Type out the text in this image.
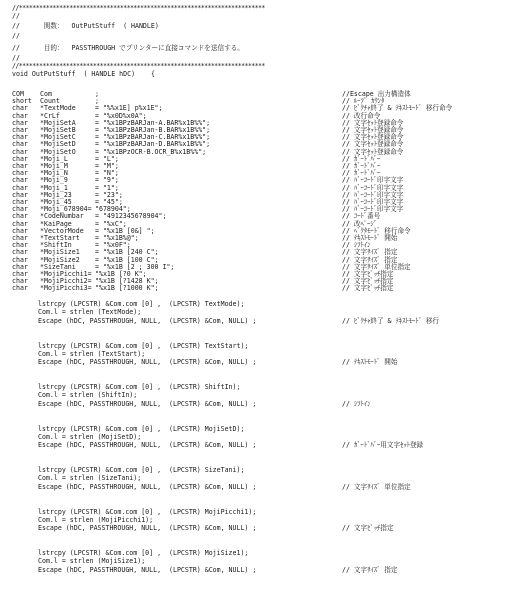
//*************************************************************************
//
//      関数：  OutPutStuff  ( HANDLE)
//
//      目的：  PASSTHROUGH でプリンターに直接コマンドを送信する。
//
//*************************************************************************
void OutPutStuff  ( HANDLE hDC)    {
COM	Com	;	//Escape 出力構造体
short	Count	;	// ﾙｰﾌﾟ ｶｳﾝﾀ
char	*TextMode	= "%%x1E] p%x1E";	// ﾋﾞｸﾁｬ終了 & ﾃｷｽﾄﾓｰﾄﾞ 移行命令
char	*CrLf	= "%x0D%x0A";	// 改行命令
char	*MojiSetA	= "%x1BPzBARJan-A.BAR%x1B%%";	// 文字ｾｯﾄ登録命令
char	*MojiSetB	= "%x1BPzBARJan-B.BAR%x1B%%";	// 文字ｾｯﾄ登録命令
char	*MojiSetC	= "%x1BPzBARJan-C.BAR%x1B%%";	// 文字ｾｯﾄ登録命令
char	*MojiSetD	= "%x1BPzBARJan-D.BAR%x1B%%";	// 文字ｾｯﾄ登録命令
char	*MojiSetO	= "%x1BPzOCR-B.OCR_B%x1B%%";	// 文字ｾｯﾄ登録命令
char	*Moji_L	= "L";	// ｶﾞｰﾄﾞﾊﾞｰ
char	*Moji_M	= "M";	// ｶﾞｰﾄﾞﾊﾞｰ
char	*Moji_N	= "N";	// ｶﾞｰﾄﾞﾊﾞｰ
char	*Moji_9	= "9";	// ﾊﾞｰｺｰﾄﾞ印字文字
char	*Moji_1	= "1";	// ﾊﾞｰｺｰﾄﾞ印字文字
char	*Moji_23	= "23";	// ﾊﾞｰｺｰﾄﾞ印字文字
char	*Moji_45	= "45";	// ﾊﾞｰｺｰﾄﾞ印字文字
char	*Moji_678904= "678904";	// ﾊﾞｰｺｰﾄﾞ印字文字
char	*CodeNumbar = "4912345678904";	// ｺｰﾄﾞ番号
char	*KaiPage	= "%xC";	// 改ﾍﾟｰｼﾞ
char	*VectorMode = "%x1B [0&] ";	// ﾍﾞｸﾀﾓｰﾄﾞ 移行命令
char	*TextStart = "%x1B%@";	// ﾃｷｽﾄﾓｰﾄﾞ 開始
char	*ShiftIn	= "%x0F";	// ｼﾌﾄｲﾝ
char	*MojiSize1 = "%x1B [240 C";	// 文字ｻｲｽﾞ 指定
char	*MojiSize2 = "%x1B [100 C";	// 文字ｻｲｽﾞ 指定
char	*SizeTani	= "%x1B [2 ; 300 I";	// 文字ｻｲｽﾞ 単位指定
char	*MojiPicchi1= "%x1B [?0 K";	// 文字ﾋﾟｯﾁ指定
char	*MojiPicchi2= "%x1B [?1428 K";	// 文字ﾋﾟｯﾁ指定
char	*MojiPicchi3= "%x1B [?1000 K";	// 文字ﾋﾟｯﾁ指定
lstrcpy (LPCSTR) &Com.com [0] ,  (LPCSTR) TextMode);
Com.l = strlen (TextMode);
Escape (hDC, PASSTHROUGH, NULL,  (LPCSTR) &Com, NULL) ;	// ﾋﾞｸﾁｬ終了 & ﾃｷｽﾄﾓｰﾄﾞ 移行
lstrcpy (LPCSTR) &Com.com [0] ,  (LPCSTR) TextStart);
Com.l = strlen (TextStart);
Escape (hDC, PASSTHROUGH, NULL,  (LPCSTR) &Com, NULL) ;	// ﾃｷｽﾄﾓｰﾄﾞ 開始
lstrcpy (LPCSTR) &Com.com [0] ,  (LPCSTR) ShiftIn);
Com.l = strlen (ShiftIn);
Escape (hDC, PASSTHROUGH, NULL,  (LPCSTR) &Com, NULL) ;	// ｼﾌﾄｲﾝ
lstrcpy (LPCSTR) &Com.com [0] ,  (LPCSTR) MojiSetD);
Com.l = strlen (MojiSetD);
Escape (hDC, PASSTHROUGH, NULL,  (LPCSTR) &Com, NULL) ;	// ｶﾞｰﾄﾞﾊﾞｰ用文字ｾｯﾄ登録
lstrcpy (LPCSTR) &Com.com [0] ,  (LPCSTR) SizeTani);
Com.l = strlen (SizeTani);
Escape (hDC, PASSTHROUGH, NULL,  (LPCSTR) &Com, NULL) ;	// 文字ｻｲｽﾞ 単位指定
lstrcpy (LPCSTR) &Com.com [0] ,  (LPCSTR) MojiPicchi1);
Com.l = strlen (MojiPicchi1);
Escape (hDC, PASSTHROUGH, NULL,  (LPCSTR) &Com, NULL) ;	// 文字ﾋﾟｯﾁ指定
lstrcpy (LPCSTR) &Com.com [0] ,  (LPCSTR) MojiSize1);
Com.l = strlen (MojiSize1);
Escape (hDC, PASSTHROUGH, NULL,  (LPCSTR) &Com, NULL) ;	// 文字ｻｲｽﾞ 指定
